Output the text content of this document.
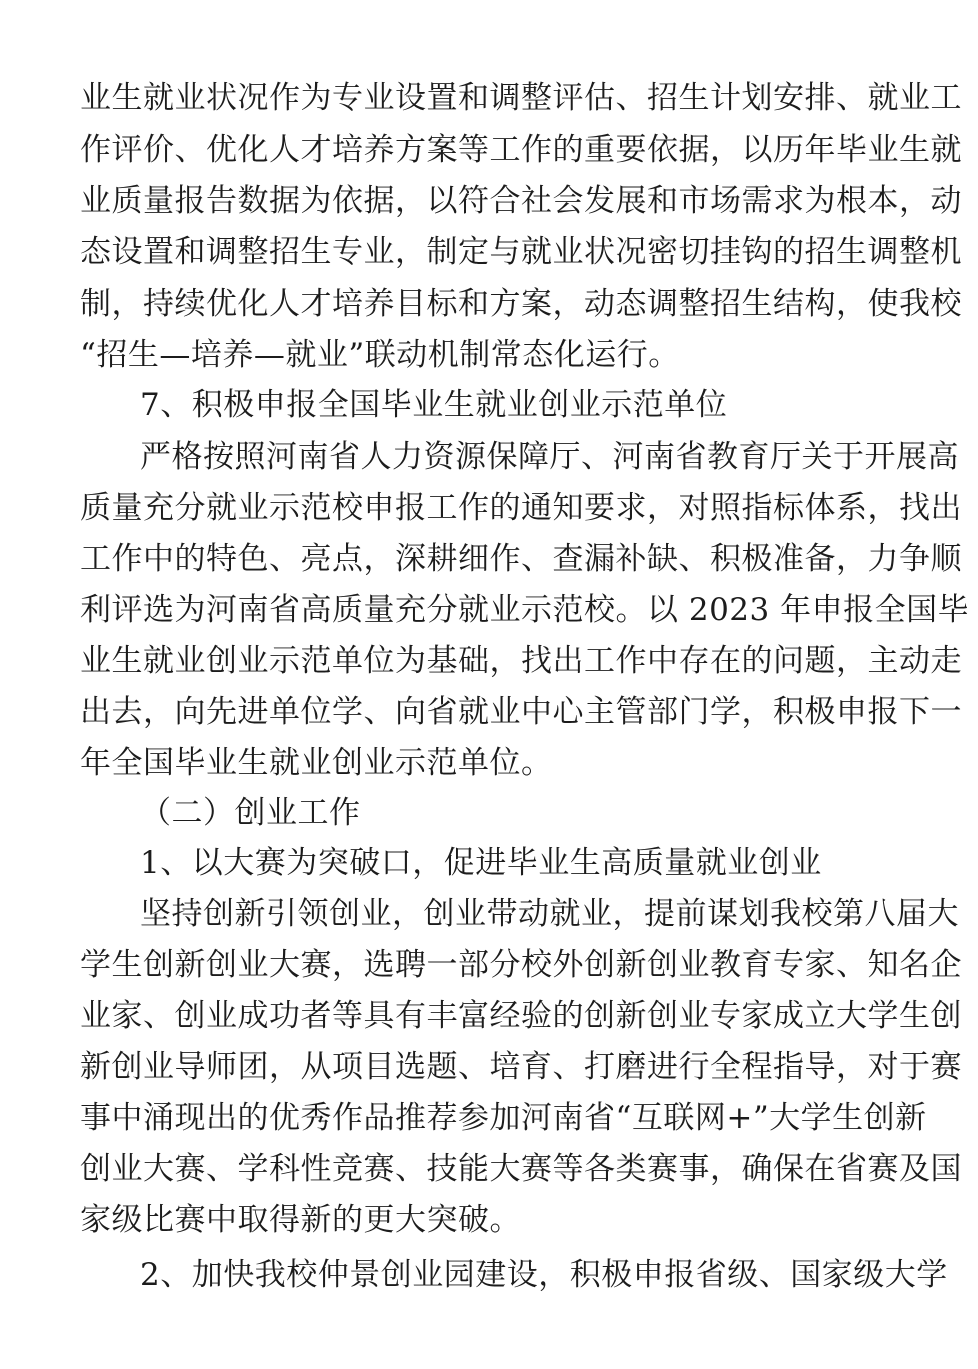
业生就业状况作为专业设置和调整评估、招生计划安排、就业工
作评价、优化人才培养方案等工作的重要依据，以历年毕业生就
业质量报告数据为依据，以符合社会发展和市场需求为根本，动
态设置和调整招生专业，制定与就业状况密切挂钩的招生调整机
制，持续优化人才培养目标和方案，动态调整招生结构，使我校
“招生—培养—就业”联动机制常态化运行。
7、积极申报全国毕业生就业创业示范单位
严格按照河南省人力资源保障厅、河南省教育厅关于开展高
质量充分就业示范校申报工作的通知要求，对照指标体系，找出
工作中的特色、亮点，深耕细作、查漏补缺、积极准备，力争顺
利评选为河南省高质量充分就业示范校。以 2023 年申报全国毕
业生就业创业示范单位为基础，找出工作中存在的问题，主动走
出去，向先进单位学、向省就业中心主管部门学，积极申报下一
年全国毕业生就业创业示范单位。
（二）创业工作
1、以大赛为突破口，促进毕业生高质量就业创业
坚持创新引领创业，创业带动就业，提前谋划我校第八届大
学生创新创业大赛，选聘一部分校外创新创业教育专家、知名企
业家、创业成功者等具有丰富经验的创新创业专家成立大学生创
新创业导师团，从项目选题、培育、打磨进行全程指导，对于赛
事中涌现出的优秀作品推荐参加河南省“互联网+”大学生创新
创业大赛、学科性竞赛、技能大赛等各类赛事，确保在省赛及国
家级比赛中取得新的更大突破。
2、加快我校仲景创业园建设，积极申报省级、国家级大学
